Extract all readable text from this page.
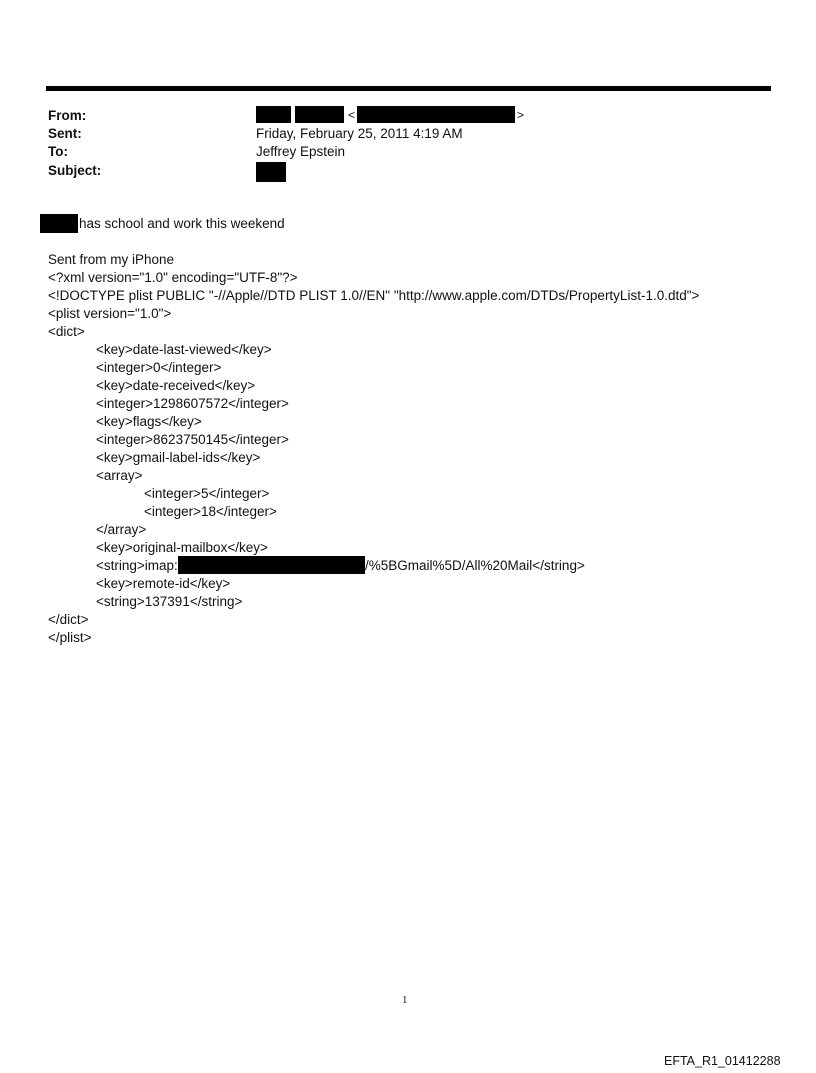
From:
Sent:
To:
Subject:
<	>
Friday, February 25, 2011 4:19 AM
Jeffrey Epstein
has school and work this weekend
Sent from my iPhone
<?xml version="1.0" encoding="UTF-8"?>
<!DOCTYPE plist PUBLIC "-//Apple//DTD PLIST 1.0//EN" "http://www.apple.com/DTDs/PropertyList-1.0.dtd">
<plist version="1.0">
<dict>
<key>date-last-viewed</key>
<integer>0</integer>
<key>date-received</key>
<integer>1298607572</integer>
<key>flags</key>
<integer>8623750145</integer>
<key>gmail-label-ids</key>
<array>
<integer>5</integer>
<integer>18</integer>
</array>
<key>original-mailbox</key>
<string>imap:	/%5BGmail%5D/All%20Mail</string>
<key>remote-id</key>
<string>137391</string>
</dict>
</plist>
1
EFTA_R1_01412288
